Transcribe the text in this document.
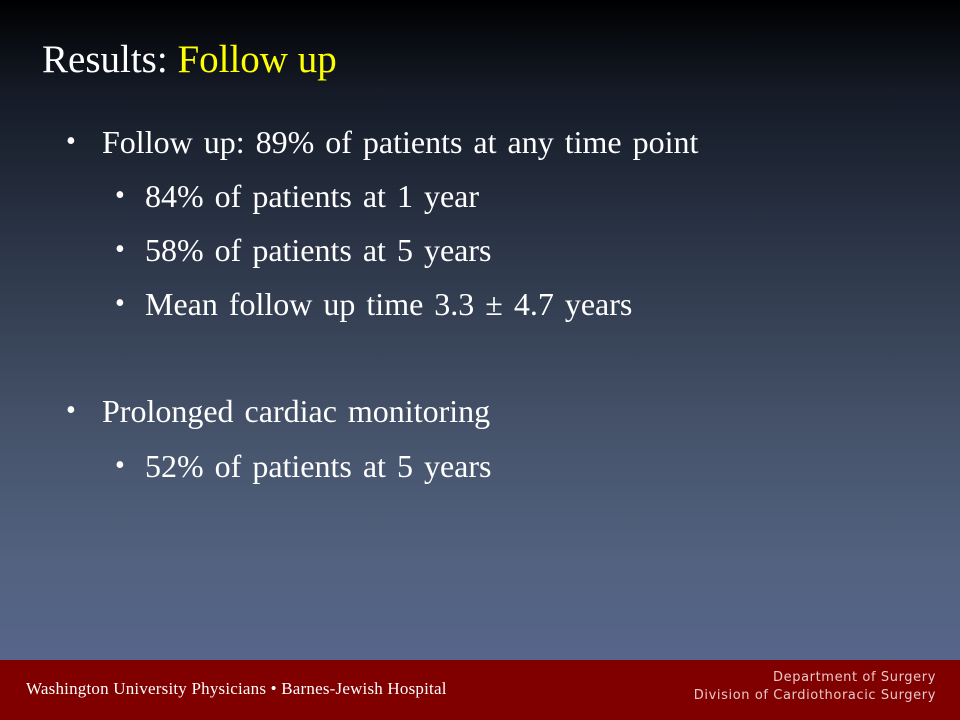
Results: Follow up
• Follow up: 89% of patients at any time point
• 84% of patients at 1 year
• 58% of patients at 5 years
• Mean follow up time 3.3 ± 4.7 years
• Prolonged cardiac monitoring
• 52% of patients at 5 years
Washington University Physicians • Barnes-Jewish Hospital
Department of Surgery
Division of Cardiothoracic Surgery
